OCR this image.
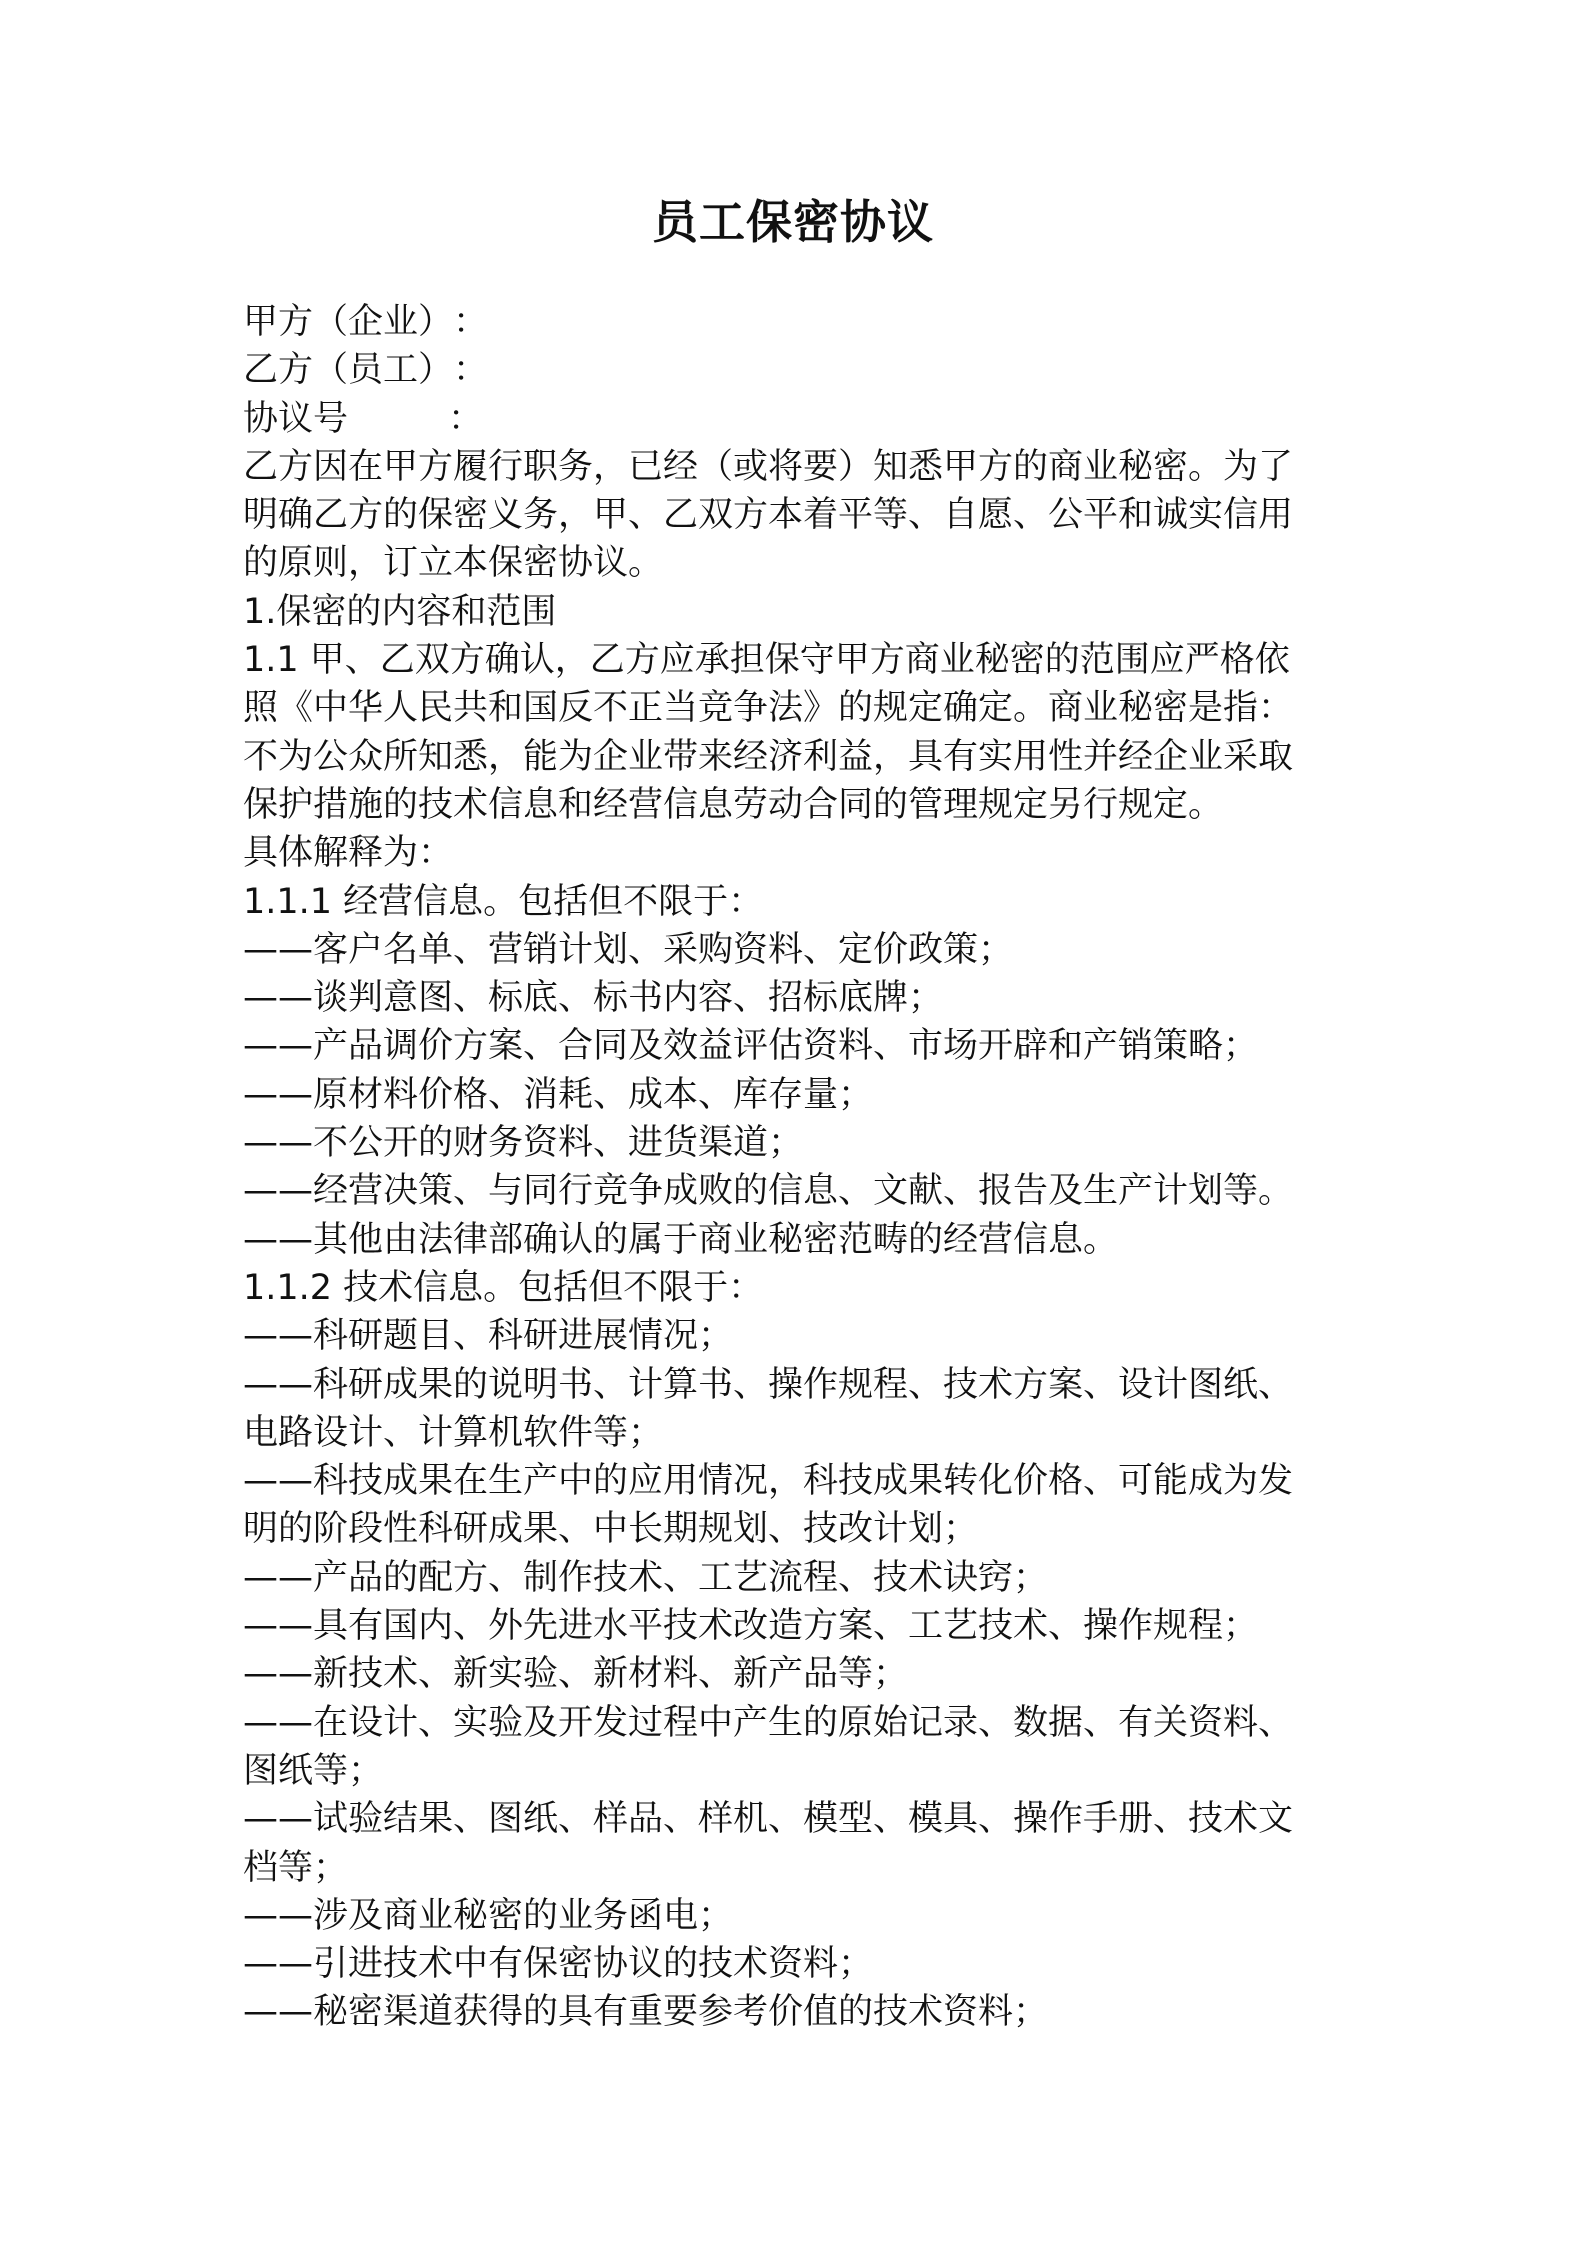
员工保密协议
甲方（企业）：
乙方（员工）：
协议号	：
乙方因在甲方履行职务，已经（或将要）知悉甲方的商业秘密。为了
明确乙方的保密义务，甲、乙双方本着平等、自愿、公平和诚实信用
的原则，订立本保密协议。
1.保密的内容和范围
1.1 甲、乙双方确认，乙方应承担保守甲方商业秘密的范围应严格依
照《中华人民共和国反不正当竞争法》的规定确定。商业秘密是指：
不为公众所知悉，能为企业带来经济利益，具有实用性并经企业采取
保护措施的技术信息和经营信息劳动合同的管理规定另行规定。
具体解释为：
1.1.1 经营信息。包括但不限于：
——客户名单、营销计划、采购资料、定价政策；
——谈判意图、标底、标书内容、招标底牌；
——产品调价方案、合同及效益评估资料、市场开辟和产销策略；
——原材料价格、消耗、成本、库存量；
——不公开的财务资料、进货渠道；
——经营决策、与同行竞争成败的信息、文献、报告及生产计划等。
——其他由法律部确认的属于商业秘密范畴的经营信息。
1.1.2 技术信息。包括但不限于：
——科研题目、科研进展情况；
——科研成果的说明书、计算书、操作规程、技术方案、设计图纸、
电路设计、计算机软件等；
——科技成果在生产中的应用情况，科技成果转化价格、可能成为发
明的阶段性科研成果、中长期规划、技改计划；
——产品的配方、制作技术、工艺流程、技术诀窍；
——具有国内、外先进水平技术改造方案、工艺技术、操作规程；
——新技术、新实验、新材料、新产品等；
——在设计、实验及开发过程中产生的原始记录、数据、有关资料、
图纸等；
——试验结果、图纸、样品、样机、模型、模具、操作手册、技术文
档等；
——涉及商业秘密的业务函电；
——引进技术中有保密协议的技术资料；
——秘密渠道获得的具有重要参考价值的技术资料；
